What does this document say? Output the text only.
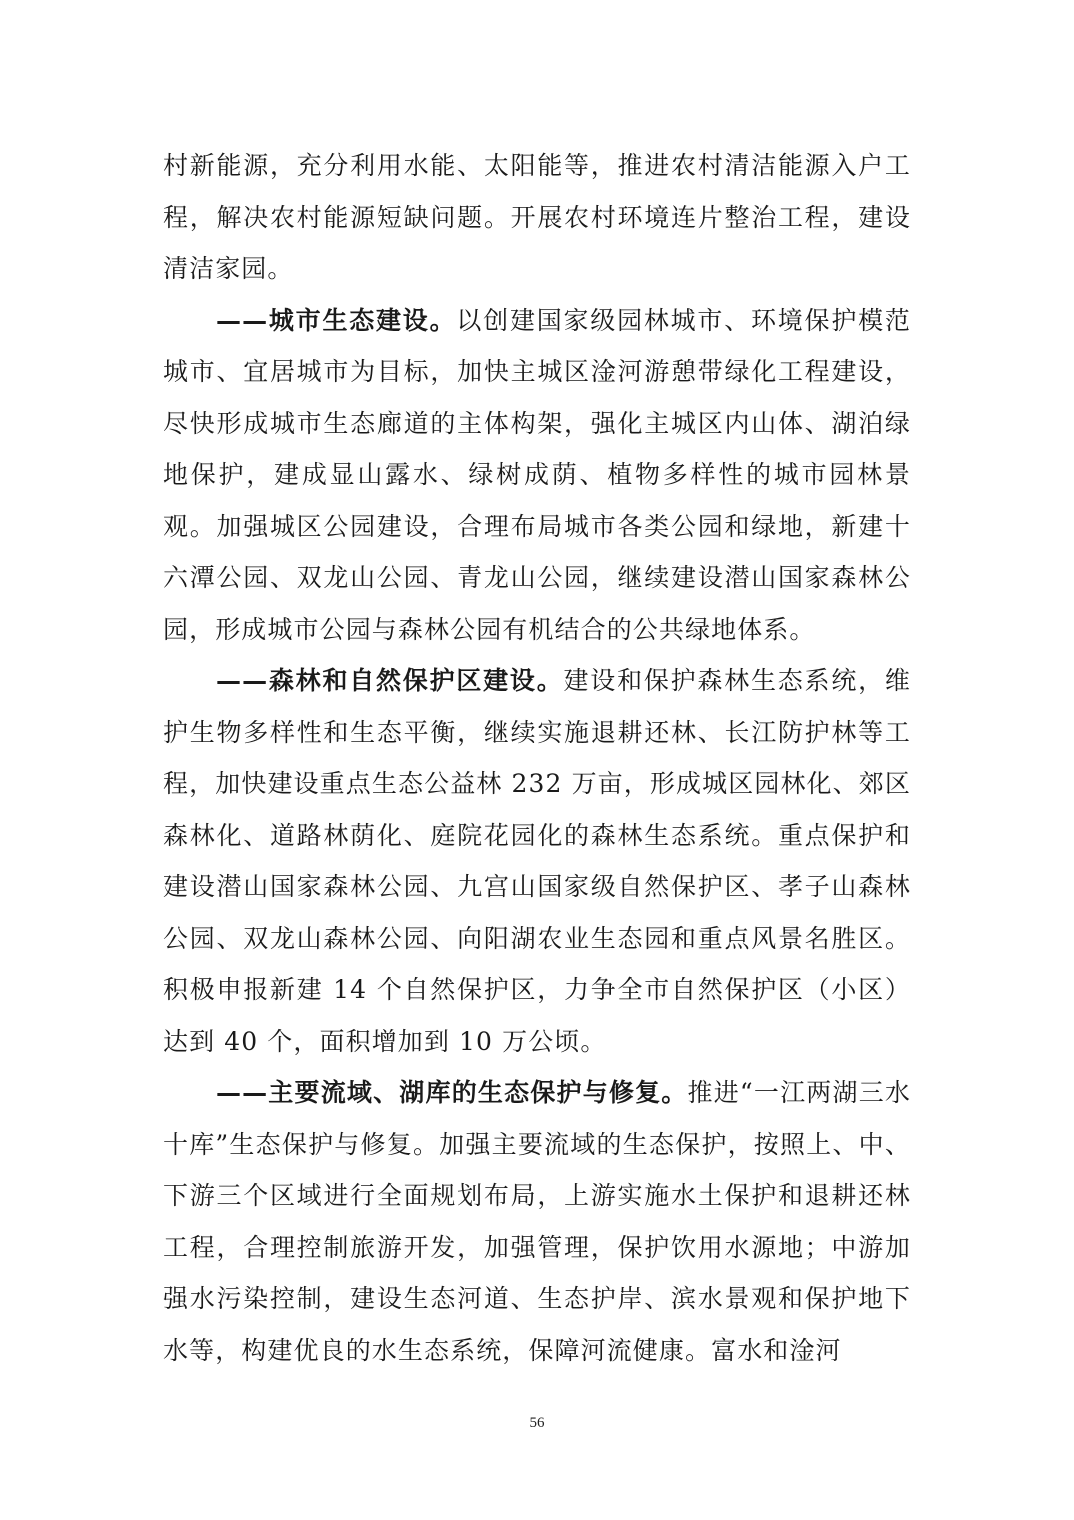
村新能源，充分利用水能、太阳能等，推进农村清洁能源入户工程，解决农村能源短缺问题。开展农村环境连片整治工程，建设清洁家园。

——城市生态建设。以创建国家级园林城市、环境保护模范城市、宜居城市为目标，加快主城区淦河游憩带绿化工程建设，尽快形成城市生态廊道的主体构架，强化主城区内山体、湖泊绿地保护，建成显山露水、绿树成荫、植物多样性的城市园林景观。加强城区公园建设，合理布局城市各类公园和绿地，新建十六潭公园、双龙山公园、青龙山公园，继续建设潜山国家森林公园，形成城市公园与森林公园有机结合的公共绿地体系。

——森林和自然保护区建设。建设和保护森林生态系统，维护生物多样性和生态平衡，继续实施退耕还林、长江防护林等工程，加快建设重点生态公益林 232 万亩，形成城区园林化、郊区森林化、道路林荫化、庭院花园化的森林生态系统。重点保护和建设潜山国家森林公园、九宫山国家级自然保护区、孝子山森林公园、双龙山森林公园、向阳湖农业生态园和重点风景名胜区。积极申报新建 14 个自然保护区，力争全市自然保护区（小区）达到 40 个，面积增加到 10 万公顷。

——主要流域、湖库的生态保护与修复。推进“一江两湖三水十库”生态保护与修复。加强主要流域的生态保护，按照上、中、下游三个区域进行全面规划布局，上游实施水土保护和退耕还林工程，合理控制旅游开发，加强管理，保护饮用水源地；中游加强水污染控制，建设生态河道、生态护岸、滨水景观和保护地下水等，构建优良的水生态系统，保障河流健康。富水和淦河

56
